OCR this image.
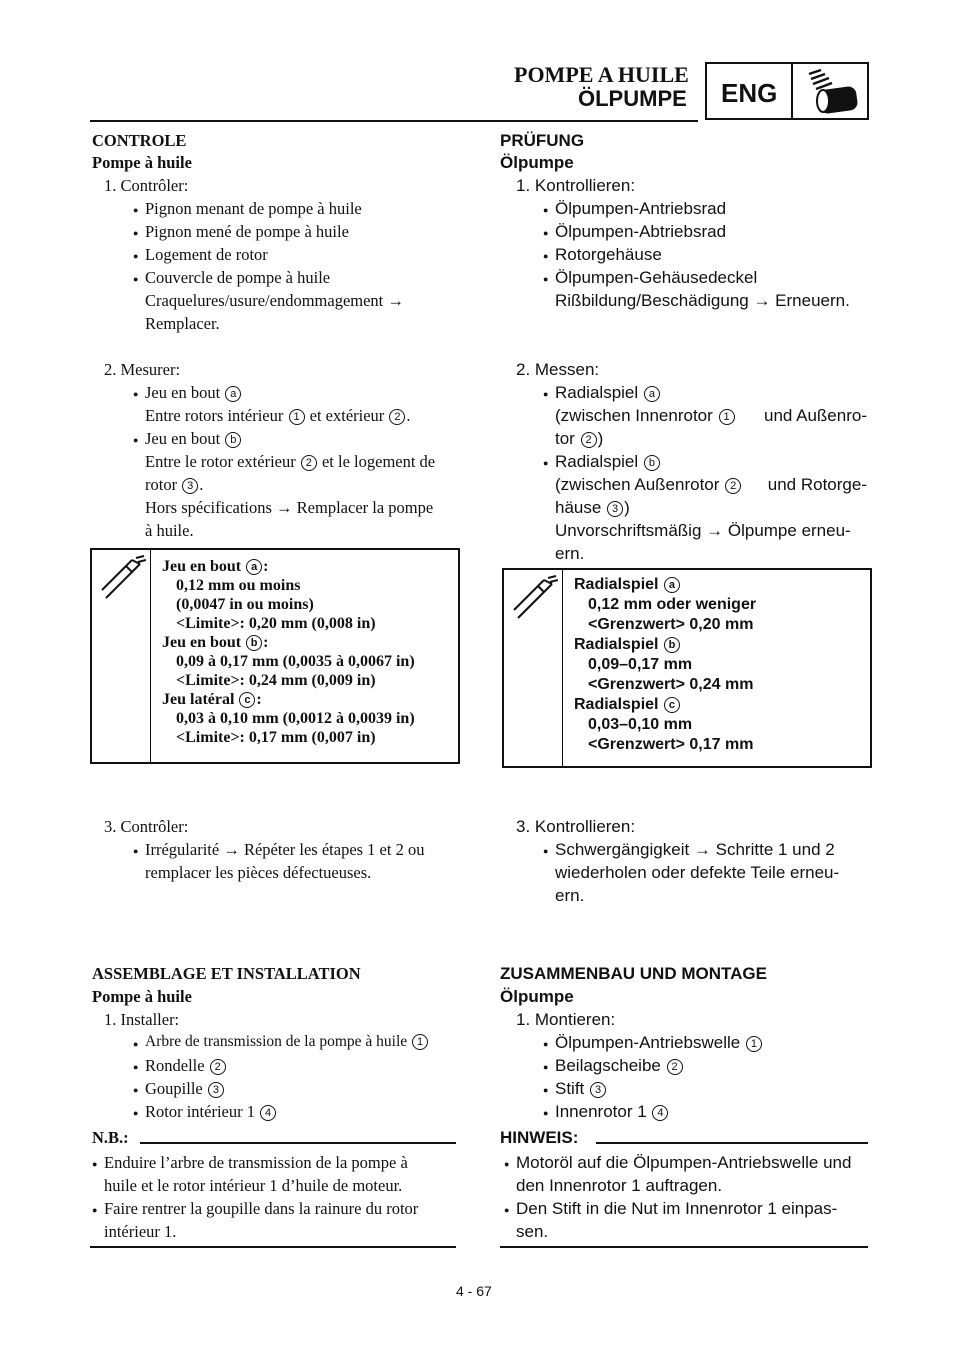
POMPE A HUILE
ÖLPUMPE ENG
CONTROLE
Pompe à huile
1. Contrôler:
● Pignon menant de pompe à huile
● Pignon mené de pompe à huile
● Logement de rotor
● Couvercle de pompe à huile
Craquelures/usure/endommagement →
Remplacer.
2. Mesurer:
● Jeu en bout a
Entre rotors intérieur 1 et extérieur 2 .
● Jeu en bout b
Entre le rotor extérieur 2 et le logement de
rotor 3 .
Hors spécifications → Remplacer la pompe
à huile.
Jeu en bout a :
0,12 mm ou moins
(0,0047 in ou moins)
<Limite>: 0,20 mm (0,008 in)
Jeu en bout b :
0,09 à 0,17 mm (0,0035 à 0,0067 in)
<Limite>: 0,24 mm (0,009 in)
Jeu latéral c :
0,03 à 0,10 mm (0,0012 à 0,0039 in)
<Limite>: 0,17 mm (0,007 in)
3. Contrôler:
● Irrégularité → Répéter les étapes 1 et 2 ou
remplacer les pièces défectueuses.
ASSEMBLAGE ET INSTALLATION
Pompe à huile
1. Installer:
● Arbre de transmission de la pompe à huile 1
● Rondelle 2
● Goupille 3
● Rotor intérieur 1 4
N.B.:
● Enduire l’arbre de transmission de la pompe à
huile et le rotor intérieur 1 d’huile de moteur.
● Faire rentrer la goupille dans la rainure du rotor
intérieur 1.
PRÜFUNG
Ölpumpe
1. Kontrollieren:
● Ölpumpen-Antriebsrad
● Ölpumpen-Abtriebsrad
● Rotorgehäuse
● Ölpumpen-Gehäusedeckel
Rißbildung/Beschädigung → Erneuern.
2. Messen:
● Radialspiel a
(zwischen Innenrotor 1 und Außenro-
tor 2 )
● Radialspiel b
(zwischen Außenrotor 2 und Rotorge-
häuse 3 )
Unvorschriftsmäßig → Ölpumpe erneu-
ern.
Radialspiel a
0,12 mm oder weniger
<Grenzwert> 0,20 mm
Radialspiel b
0,09–0,17 mm
<Grenzwert> 0,24 mm
Radialspiel c
0,03–0,10 mm
<Grenzwert> 0,17 mm
3. Kontrollieren:
● Schwergängigkeit → Schritte 1 und 2
wiederholen oder defekte Teile erneu-
ern.
ZUSAMMENBAU UND MONTAGE
Ölpumpe
1. Montieren:
● Ölpumpen-Antriebswelle 1
● Beilagscheibe 2
● Stift 3
● Innenrotor 1 4
HINWEIS:
● Motoröl auf die Ölpumpen-Antriebswelle und
den Innenrotor 1 auftragen.
● Den Stift in die Nut im Innenrotor 1 einpas-
sen.
4 - 67
